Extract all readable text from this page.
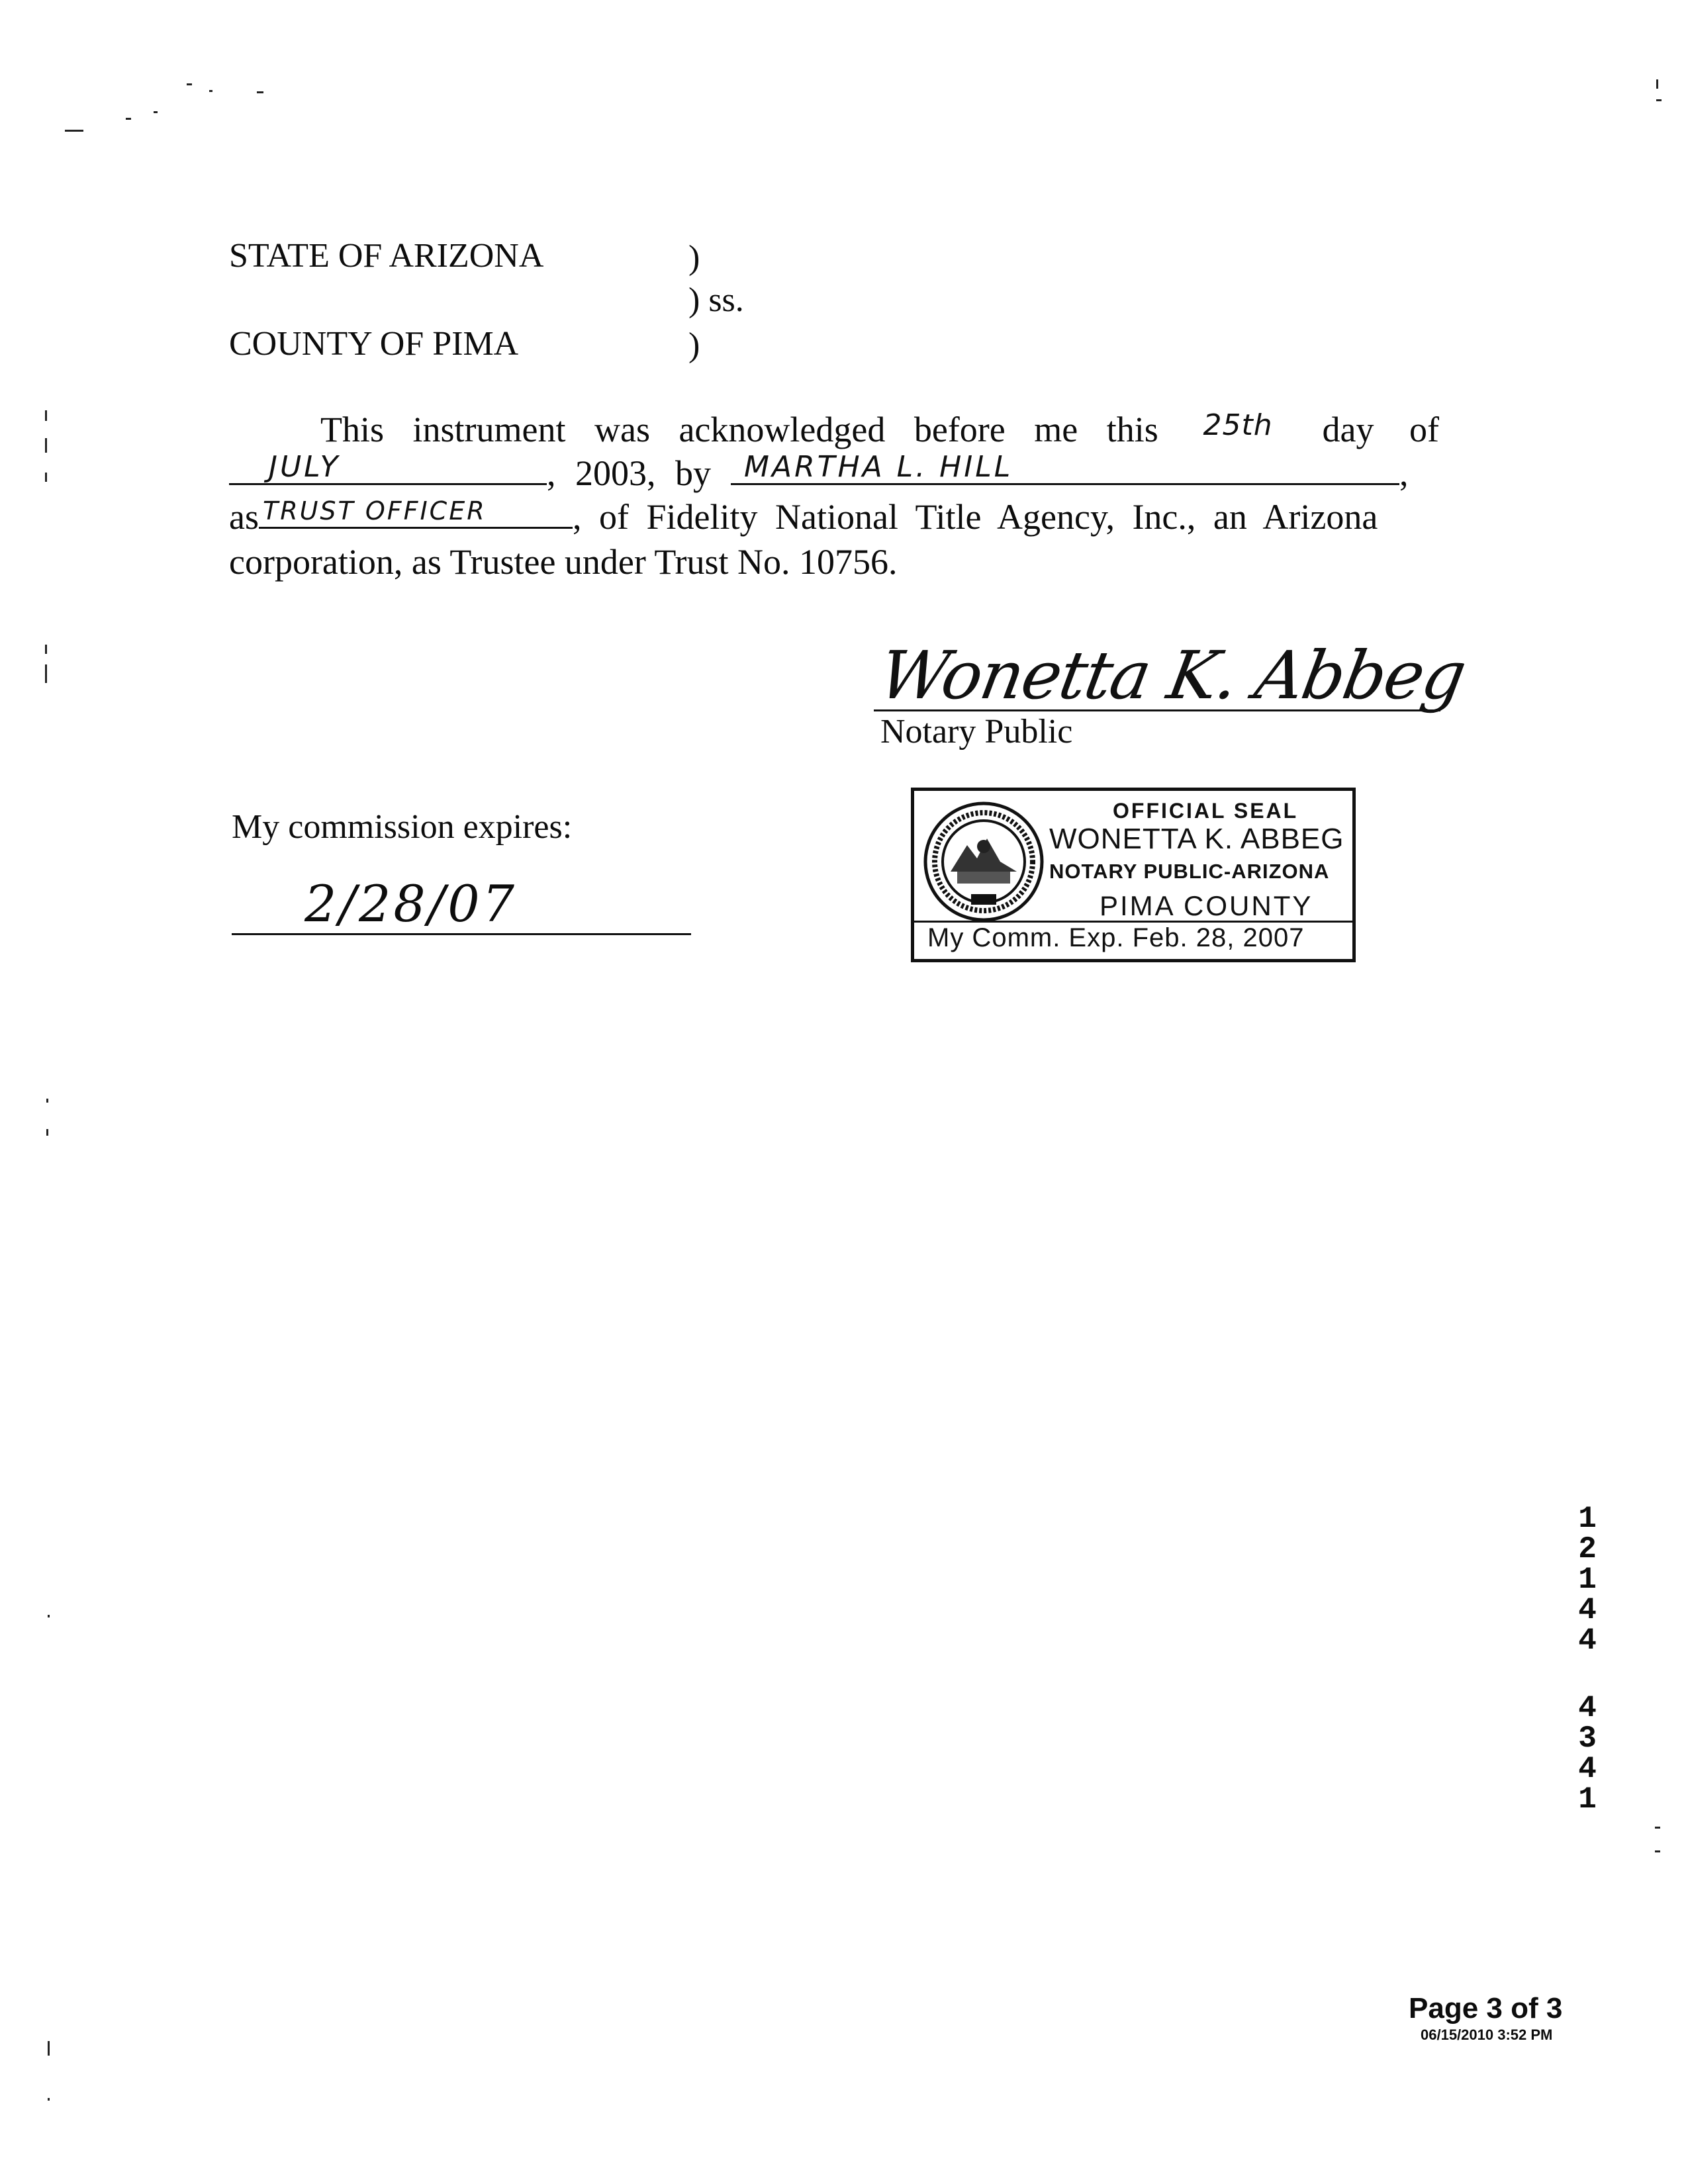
STATE OF ARIZONA
COUNTY OF PIMA
)
) ss.
)
This instrument was acknowledged before me this 25th day of
JULY	, 2003, by MARTHA L. HILL	,
as TRUST OFFICER , of Fidelity National Title Agency, Inc., an Arizona
corporation, as Trustee under Trust No. 10756.
Wonetta K. Abbeg
Notary Public
My commission expires:
2/28/07
OFFICIAL SEAL
WONETTA K. ABBEG
NOTARY PUBLIC-ARIZONA
PIMA COUNTY
My Comm. Exp. Feb. 28, 2007
1
2
1
4
4
4
3
4
1
Page 3 of 3
06/15/2010 3:52 PM
